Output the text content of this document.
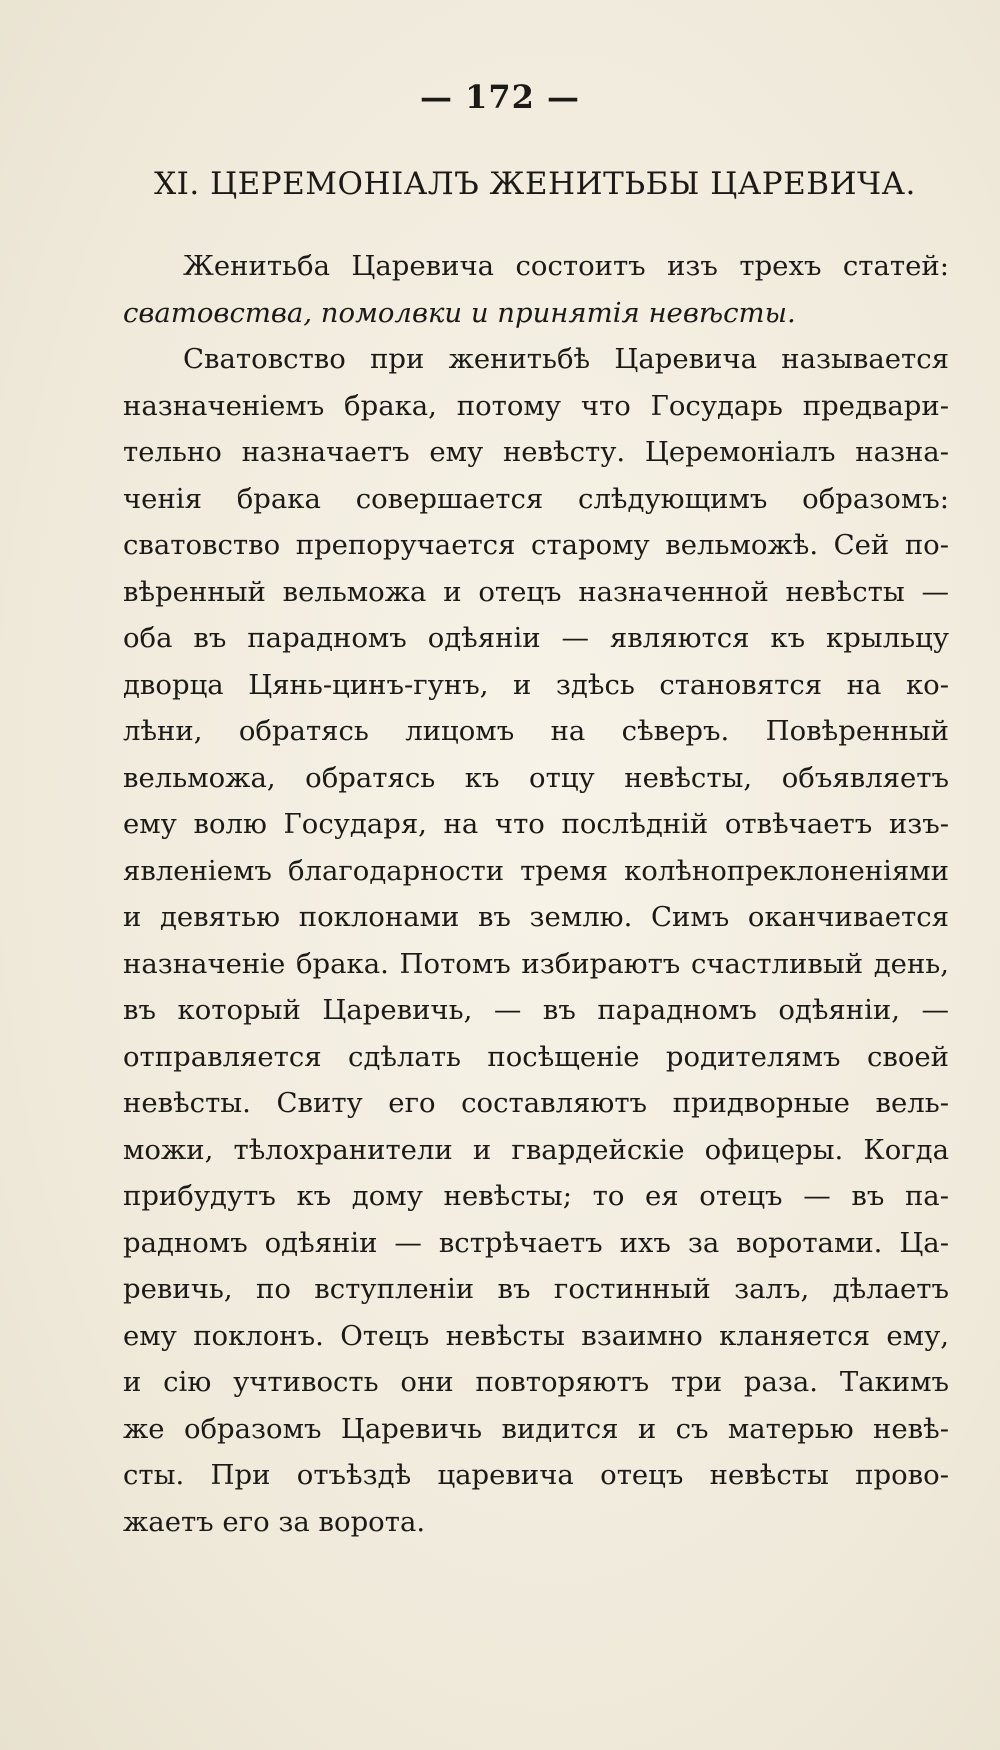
— 172 —
XI. ЦЕРЕМОНІАЛЪ ЖЕНИТЬБЫ ЦАРЕВИЧА.
Женитьба Царевича состоитъ изъ трехъ статей:
сватовства, помолвки и принятія невѣсты.
Сватовство при женитьбѣ Царевича называется
назначеніемъ брака, потому что Государь предвари-
тельно назначаетъ ему невѣсту. Церемоніалъ назна-
ченія брака совершается слѣдующимъ образомъ:
сватовство препоручается старому вельможѣ. Сей по-
вѣренный вельможа и отецъ назначенной невѣсты —
оба въ парадномъ одѣяніи — являются къ крыльцу
дворца Цянь-цинъ-гунъ, и здѣсь становятся на ко-
лѣни, обратясь лицомъ на сѣверъ. Повѣренный
вельможа, обратясь къ отцу невѣсты, объявляетъ
ему волю Государя, на что послѣдній отвѣчаетъ изъ-
явленіемъ благодарности тремя колѣнопреклоненіями
и девятью поклонами въ землю. Симъ оканчивается
назначеніе брака. Потомъ избираютъ счастливый день,
въ который Царевичь, — въ парадномъ одѣяніи, —
отправляется сдѣлать посѣщеніе родителямъ своей
невѣсты. Свиту его составляютъ придворные вель-
можи, тѣлохранители и гвардейскіе офицеры. Когда
прибудутъ къ дому невѣсты; то ея отецъ — въ па-
радномъ одѣяніи — встрѣчаетъ ихъ за воротами. Ца-
ревичь, по вступленіи въ гостинный залъ, дѣлаетъ
ему поклонъ. Отецъ невѣсты взаимно кланяется ему,
и сію учтивость они повторяютъ три раза. Такимъ
же образомъ Царевичь видится и съ матерью невѣ-
сты. При отъѣздѣ царевича отецъ невѣсты прово-
жаетъ его за ворота.
